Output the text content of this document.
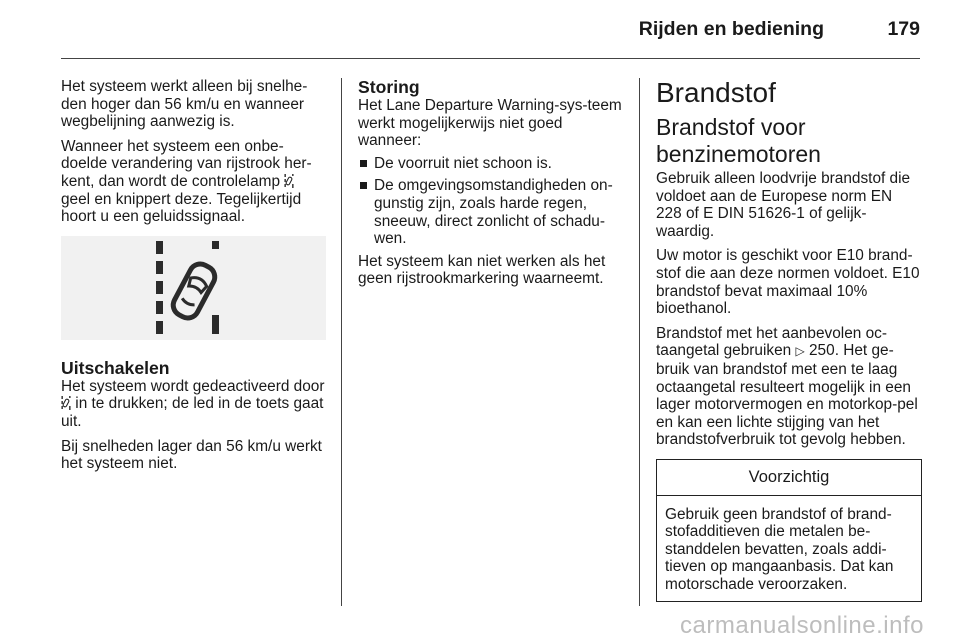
Rijden en bediening	179

Het systeem werkt alleen bij snelhe-den hoger dan 56 km/u en wanneer wegbelijning aanwezig is.

Wanneer het systeem een onbe-doelde verandering van rijstrook her-kent, dan wordt de controlelamp  geel en knippert deze. Tegelijkertijd hoort u een geluidssignaal.

Uitschakelen

Het systeem wordt gedeactiveerd door  in te drukken; de led in de toets gaat uit.

Bij snelheden lager dan 56 km/u werkt het systeem niet.

Storing

Het Lane Departure Warning-sys-teem werkt mogelijkerwijs niet goed wanneer:

De voorruit niet schoon is.
De omgevingsomstandigheden on-gunstig zijn, zoals harde regen, sneeuw, direct zonlicht of schadu-wen.

Het systeem kan niet werken als het geen rijstrookmarkering waarneemt.

Brandstof
Brandstof voor benzinemotoren

Gebruik alleen loodvrije brandstof die voldoet aan de Europese norm EN 228 of E DIN 51626-1 of gelijk-waardig.

Uw motor is geschikt voor E10 brand-stof die aan deze normen voldoet. E10 brandstof bevat maximaal 10% bioethanol.

Brandstof met het aanbevolen oc-taangetal gebruiken ▷ 250. Het ge-bruik van brandstof met een te laag octaangetal resulteert mogelijk in een lager motorvermogen en motorkop-pel en kan een lichte stijging van het brandstofverbruik tot gevolg hebben.

Voorzichtig
Gebruik geen brandstof of brand-stofadditieven die metalen be-standdelen bevatten, zoals addi-tieven op mangaanbasis. Dat kan motorschade veroorzaken.
carmanualsonline.info
